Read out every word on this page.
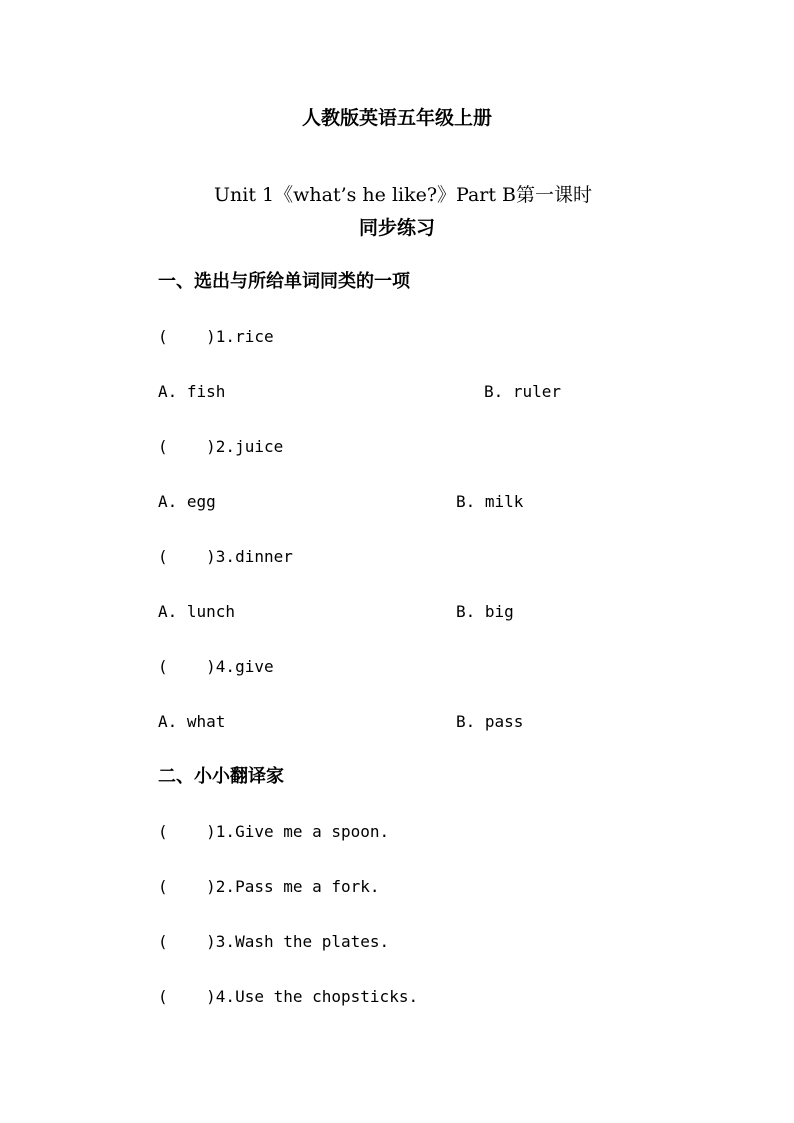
人教版英语五年级上册

Unit 1《what’s he like?》Part B第一课时

同步练习
一、选出与所给单词同类的一项
(    )1.rice
A. fish	B. ruler
(    )2.juice
A. egg	B. milk
(    )3.dinner
A. lunch	B. big
(    )4.give
A. what	B. pass
二、小小翻译家
(    )1.Give me a spoon.
(    )2.Pass me a fork.
(    )3.Wash the plates.
(    )4.Use the chopsticks.
